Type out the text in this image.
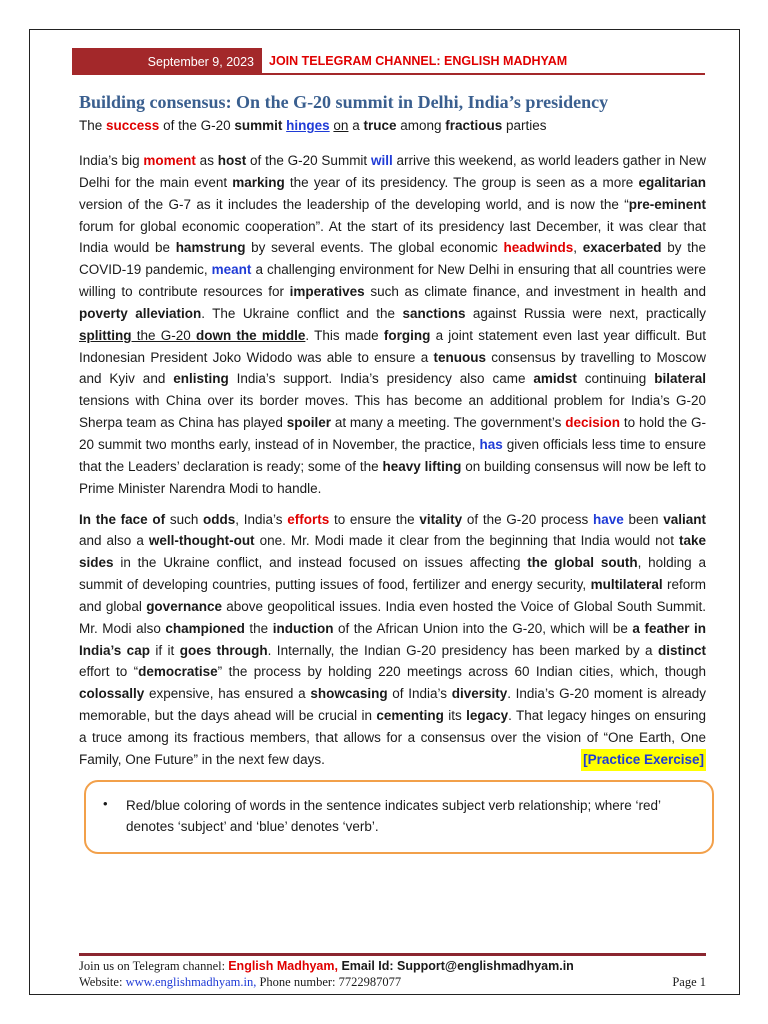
September 9, 2023 JOIN TELEGRAM CHANNEL: ENGLISH MADHYAM
Building consensus: On the G-20 summit in Delhi, India’s presidency
The success of the G-20 summit hinges on a truce among fractious parties

India’s big moment as host of the G-20 Summit will arrive this weekend, as world leaders gather in New Delhi for the main event marking the year of its presidency. The group is seen as a more egalitarian version of the G-7 as it includes the leadership of the developing world, and is now the “pre-eminent forum for global economic cooperation”. At the start of its presidency last December, it was clear that India would be hamstrung by several events. The global economic headwinds, exacerbated by the COVID-19 pandemic, meant a challenging environment for New Delhi in ensuring that all countries were willing to contribute resources for imperatives such as climate finance, and investment in health and poverty alleviation. The Ukraine conflict and the sanctions against Russia were next, practically splitting the G-20 down the middle. This made forging a joint statement even last year difficult. But Indonesian President Joko Widodo was able to ensure a tenuous consensus by travelling to Moscow and Kyiv and enlisting India’s support. India’s presidency also came amidst continuing bilateral tensions with China over its border moves. This has become an additional problem for India’s G-20 Sherpa team as China has played spoiler at many a meeting. The government’s decision to hold the G-20 summit two months early, instead of in November, the practice, has given officials less time to ensure that the Leaders’ declaration is ready; some of the heavy lifting on building consensus will now be left to Prime Minister Narendra Modi to handle.

In the face of such odds, India’s efforts to ensure the vitality of the G-20 process have been valiant and also a well-thought-out one. Mr. Modi made it clear from the beginning that India would not take sides in the Ukraine conflict, and instead focused on issues affecting the global south, holding a summit of developing countries, putting issues of food, fertilizer and energy security, multilateral reform and global governance above geopolitical issues. India even hosted the Voice of Global South Summit. Mr. Modi also championed the induction of the African Union into the G-20, which will be a feather in India’s cap if it goes through. Internally, the Indian G-20 presidency has been marked by a distinct effort to “democratise” the process by holding 220 meetings across 60 Indian cities, which, though colossally expensive, has ensured a showcasing of India’s diversity. India’s G-20 moment is already memorable, but the days ahead will be crucial in cementing its legacy. That legacy hinges on ensuring a truce among its fractious members, that allows for a consensus over the vision of “One Earth, One Family, One Future” in the next few days.	[Practice Exercise]

•	Red/blue coloring of words in the sentence indicates subject verb relationship; where ‘red’ denotes ‘subject’ and ‘blue’ denotes ‘verb’.
Join us on Telegram channel: English Madhyam, Email Id: Support@englishmadhyam.in
Website: www.englishmadhyam.in, Phone number: 7722987077	Page 1
